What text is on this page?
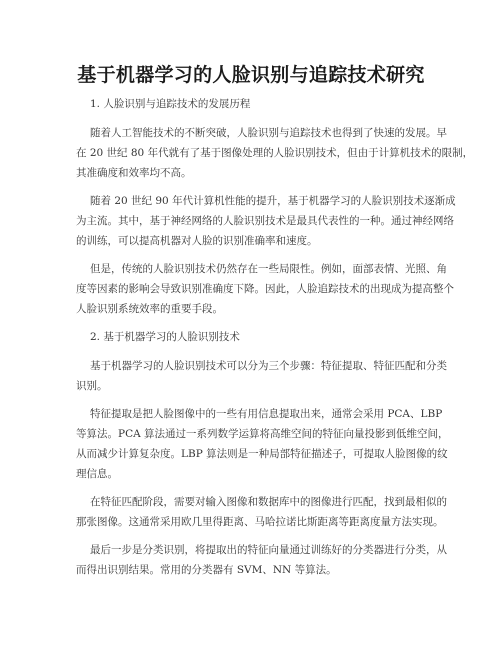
基于机器学习的人脸识别与追踪技术研究
1. 人脸识别与追踪技术的发展历程
随着人工智能技术的不断突破，人脸识别与追踪技术也得到了快速的发展。早
在 20 世纪 80 年代就有了基于图像处理的人脸识别技术，但由于计算机技术的限制，
其准确度和效率均不高。
随着 20 世纪 90 年代计算机性能的提升，基于机器学习的人脸识别技术逐渐成
为主流。其中，基于神经网络的人脸识别技术是最具代表性的一种。通过神经网络
的训练，可以提高机器对人脸的识别准确率和速度。
但是，传统的人脸识别技术仍然存在一些局限性。例如，面部表情、光照、角
度等因素的影响会导致识别准确度下降。因此，人脸追踪技术的出现成为提高整个
人脸识别系统效率的重要手段。
2. 基于机器学习的人脸识别技术
基于机器学习的人脸识别技术可以分为三个步骤：特征提取、特征匹配和分类
识别。
特征提取是把人脸图像中的一些有用信息提取出来，通常会采用 PCA、LBP
等算法。PCA 算法通过一系列数学运算将高维空间的特征向量投影到低维空间，
从而减少计算复杂度。LBP 算法则是一种局部特征描述子，可提取人脸图像的纹
理信息。
在特征匹配阶段，需要对输入图像和数据库中的图像进行匹配，找到最相似的
那张图像。这通常采用欧几里得距离、马哈拉诺比斯距离等距离度量方法实现。
最后一步是分类识别，将提取出的特征向量通过训练好的分类器进行分类，从
而得出识别结果。常用的分类器有 SVM、NN 等算法。
